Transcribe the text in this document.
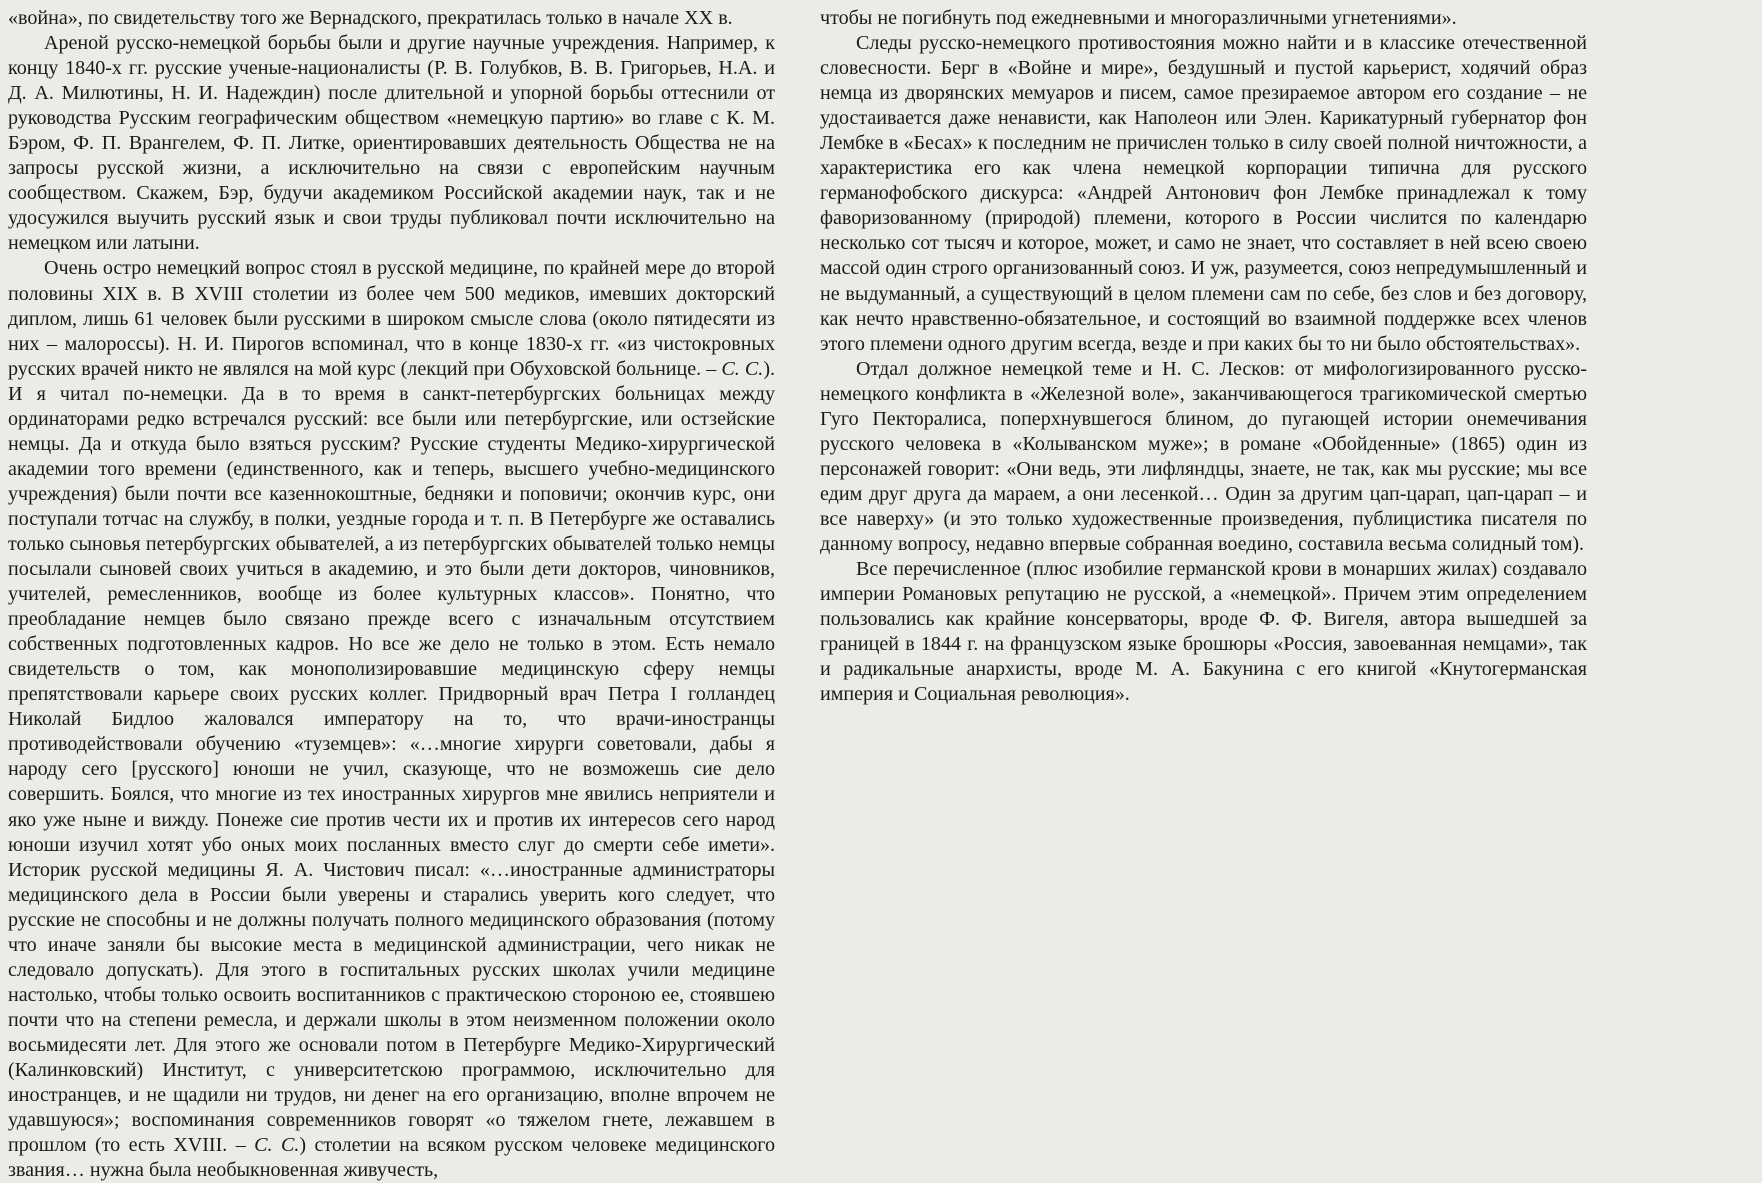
«война», по свидетельству того же Вернадского, прекратилась только в начале XX в.

Ареной русско-немецкой борьбы были и другие научные учреждения. Например, к концу 1840-х гг. русские ученые-националисты (Р. В. Голубков, В. В. Григорьев, Н.А. и Д. А. Милютины, Н. И. Надеждин) после длительной и упорной борьбы оттеснили от руководства Русским географическим обществом «немецкую партию» во главе с К. М. Бэром, Ф. П. Врангелем, Ф. П. Литке, ориентировавших деятельность Общества не на запросы русской жизни, а исключительно на связи с европейским научным сообществом. Скажем, Бэр, будучи академиком Российской академии наук, так и не удосужился выучить русский язык и свои труды публиковал почти исключительно на немецком или латыни.

Очень остро немецкий вопрос стоял в русской медицине, по крайней мере до второй половины XIX в. В XVIII столетии из более чем 500 медиков, имевших докторский диплом, лишь 61 человек были русскими в широком смысле слова (около пятидесяти из них – малороссы). Н. И. Пирогов вспоминал, что в конце 1830-х гг. «из чистокровных русских врачей никто не являлся на мой курс (лекций при Обуховской больнице. – С. С.). И я читал по-немецки. Да в то время в санкт-петербургских больницах между ординаторами редко встречался русский: все были или петербургские, или остзейские немцы. Да и откуда было взяться русским? Русские студенты Медико-хирургической академии того времени (единственного, как и теперь, высшего учебно-медицинского учреждения) были почти все казеннокоштные, бедняки и поповичи; окончив курс, они поступали тотчас на службу, в полки, уездные города и т. п. В Петербурге же оставались только сыновья петербургских обывателей, а из петербургских обывателей только немцы посылали сыновей своих учиться в академию, и это были дети докторов, чиновников, учителей, ремесленников, вообще из более культурных классов». Понятно, что преобладание немцев было связано прежде всего с изначальным отсутствием собственных подготовленных кадров. Но все же дело не только в этом. Есть немало свидетельств о том, как монополизировавшие медицинскую сферу немцы препятствовали карьере своих русских коллег. Придворный врач Петра I голландец Николай Бидлоо жаловался императору на то, что врачи-иностранцы противодействовали обучению «туземцев»: «…многие хирурги советовали, дабы я народу сего [русского] юноши не учил, сказующе, что не возможешь сие дело совершить. Боялся, что многие из тех иностранных хирургов мне явились неприятели и яко уже ныне и вижду. Понеже сие против чести их и против их интересов сего народ юноши изучил хотят убо оных моих посланных вместо слуг до смерти себе имети». Историк русской медицины Я. А. Чистович писал: «…иностранные администраторы медицинского дела в России были уверены и старались уверить кого следует, что русские не способны и не должны получать полного медицинского образования (потому что иначе заняли бы высокие места в медицинской администрации, чего никак не следовало допускать). Для этого в госпитальных русских школах учили медицине настолько, чтобы только освоить воспитанников с практическою стороною ее, стоявшею почти что на степени ремесла, и держали школы в этом неизменном положении около восьмидесяти лет. Для этого же основали потом в Петербурге Медико-Хирургический (Калинковский) Институт, с университетскою программою, исключительно для иностранцев, и не щадили ни трудов, ни денег на его организацию, вполне впрочем не удавшуюся»; воспоминания современников говорят «о тяжелом гнете, лежавшем в прошлом (то есть XVIII. – С. С.) столетии на всяком русском человеке медицинского звания… нужна была необыкновенная живучесть,

чтобы не погибнуть под ежедневными и многоразличными угнетениями».

Следы русско-немецкого противостояния можно найти и в классике отечественной словесности. Берг в «Войне и мире», бездушный и пустой карьерист, ходячий образ немца из дворянских мемуаров и писем, самое презираемое автором его создание – не удостаивается даже ненависти, как Наполеон или Элен. Карикатурный губернатор фон Лембке в «Бесах» к последним не причислен только в силу своей полной ничтожности, а характеристика его как члена немецкой корпорации типична для русского германофобского дискурса: «Андрей Антонович фон Лембке принадлежал к тому фаворизованному (природой) племени, которого в России числится по календарю несколько сот тысяч и которое, может, и само не знает, что составляет в ней всею своею массой один строго организованный союз. И уж, разумеется, союз непредумышленный и не выдуманный, а существующий в целом племени сам по себе, без слов и без договору, как нечто нравственно-обязательное, и состоящий во взаимной поддержке всех членов этого племени одного другим всегда, везде и при каких бы то ни было обстоятельствах».

Отдал должное немецкой теме и Н. С. Лесков: от мифологизированного русско-немецкого конфликта в «Железной воле», заканчивающегося трагикомической смертью Гуго Пекторалиса, поперхнувшегося блином, до пугающей истории онемечивания русского человека в «Колыванском муже»; в романе «Обойденные» (1865) один из персонажей говорит: «Они ведь, эти лифляндцы, знаете, не так, как мы русские; мы все едим друг друга да мараем, а они лесенкой… Один за другим цап-царап, цап-царап – и все наверху» (и это только художественные произведения, публицистика писателя по данному вопросу, недавно впервые собранная воедино, составила весьма солидный том).

Все перечисленное (плюс изобилие германской крови в монарших жилах) создавало империи Романовых репутацию не русской, а «немецкой». Причем этим определением пользовались как крайние консерваторы, вроде Ф. Ф. Вигеля, автора вышедшей за границей в 1844 г. на французском языке брошюры «Россия, завоеванная немцами», так и радикальные анархисты, вроде М. А. Бакунина с его книгой «Кнутогерманская империя и Социальная революция».
